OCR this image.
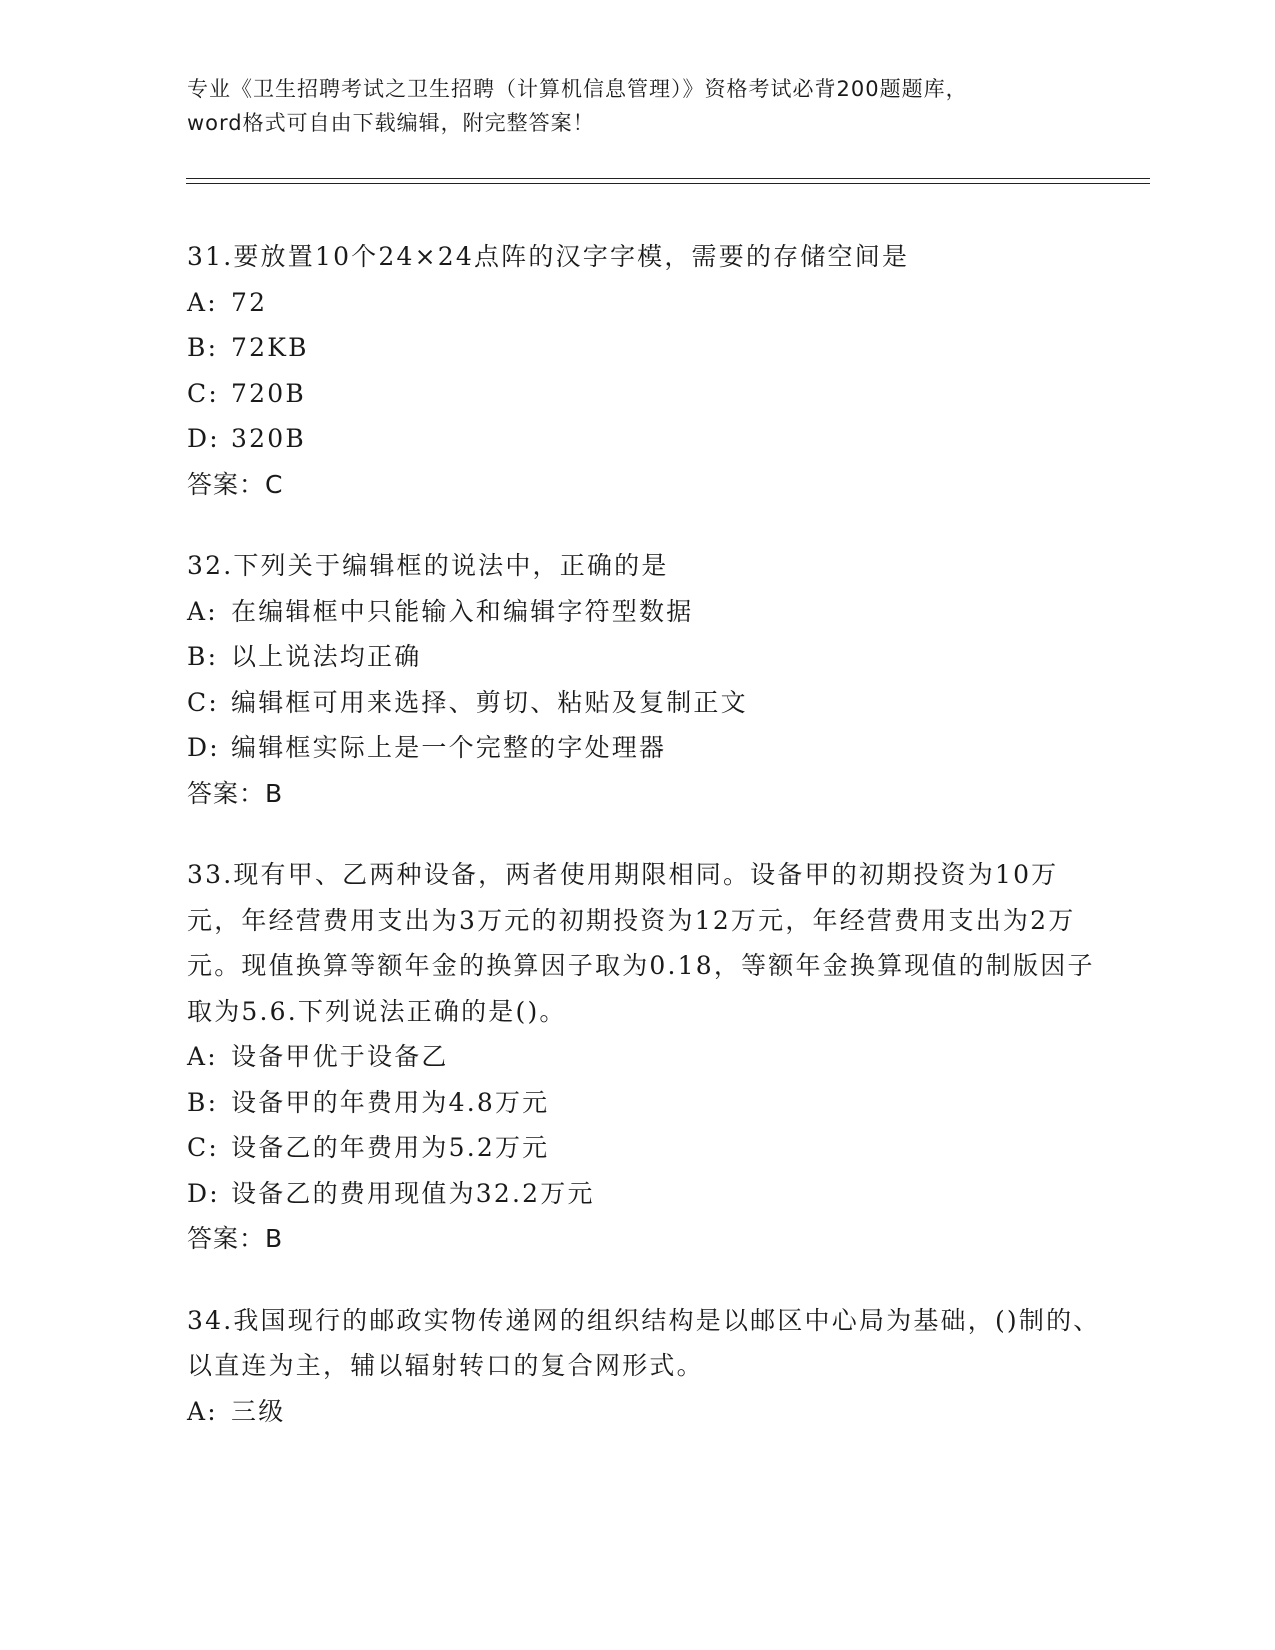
专业《卫生招聘考试之卫生招聘（计算机信息管理）》资格考试必背200题题库，
word格式可自由下载编辑，附完整答案！
31.要放置10个24×24点阵的汉字字模，需要的存储空间是
A: 72
B: 72KB
C: 720B
D: 320B
答案：C
32.下列关于编辑框的说法中，正确的是
A: 在编辑框中只能输入和编辑字符型数据
B: 以上说法均正确
C: 编辑框可用来选择、剪切、粘贴及复制正文
D: 编辑框实际上是一个完整的字处理器
答案：B
33.现有甲、乙两种设备，两者使用期限相同。设备甲的初期投资为10万元，年经营费用支出为3万元的初期投资为12万元，年经营费用支出为2万元。现值换算等额年金的换算因子取为0.18，等额年金换算现值的制版因子取为5.6.下列说法正确的是()。
A: 设备甲优于设备乙
B: 设备甲的年费用为4.8万元
C: 设备乙的年费用为5.2万元
D: 设备乙的费用现值为32.2万元
答案：B
34.我国现行的邮政实物传递网的组织结构是以邮区中心局为基础，()制的、以直连为主，辅以辐射转口的复合网形式。
A: 三级
